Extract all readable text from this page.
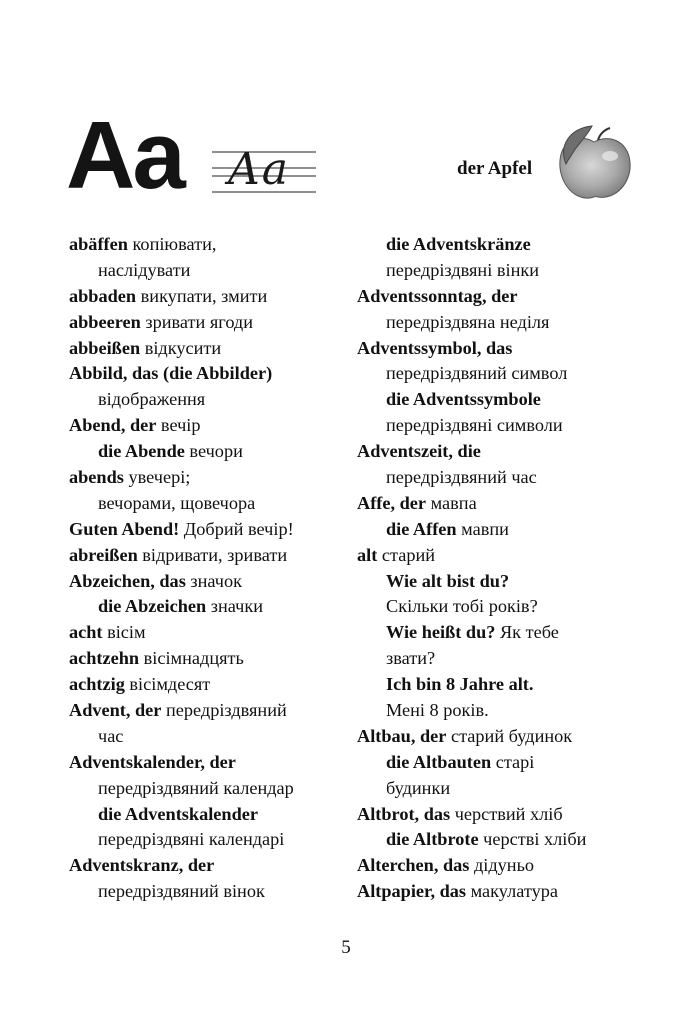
Aa Aa	der Apfel
abäffen копіювати,
наслідувати
abbaden викупати, змити
abbeeren зривати ягоди
abbeißen відкусити
Abbild, das (die Abbilder)
відображення
Abend, der вечір
die Abende вечори
abends увечері;
вечорами, щовечора
Guten Abend! Добрий вечір!
abreißen відривати, зривати
Abzeichen, das значок
die Abzeichen значки
acht вісім
achtzehn вісімнадцять
achtzig вісімдесят
Advent, der передріздвяний
час
Adventskalender, der
передріздвяний календар
die Adventskalender
передріздвяні календарі
Adventskranz, der
передріздвяний вінок
die Adventskränze
передріздвяні вінки
Adventssonntag, der
передріздвяна неділя
Adventssymbol, das
передріздвяний символ
die Adventssymbole
передріздвяні символи
Adventszeit, die
передріздвяний час
Affe, der мавпа
die Affen мавпи
alt старий
Wie alt bist du?
Скільки тобі років?
Wie heißt du? Як тебе
звати?
Ich bin 8 Jahre alt.
Мені 8 років.
Altbau, der старий будинок
die Altbauten старі
будинки
Altbrot, das черствий хліб
die Altbrote черстві хліби
Alterchen, das дідуньо
Altpapier, das макулатура
5
